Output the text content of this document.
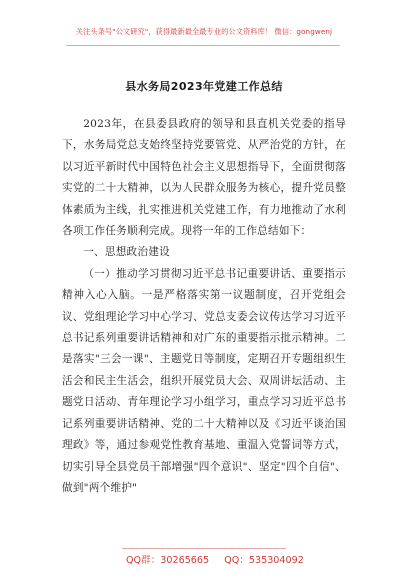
关注头条号"公文研究"，获得最新最全最专业的公文资料库！ 微信：gongwenj
县水务局2023年党建工作总结

2023年，在县委县政府的领导和县直机关党委的指导下，水务局党总支始终坚持党要管党、从严治党的方针，在以习近平新时代中国特色社会主义思想指导下，全面贯彻落实党的二十大精神，以为人民群众服务为核心，提升党员整体素质为主线，扎实推进机关党建工作，有力地推动了水利各项工作任务顺利完成。现将一年的工作总结如下：

一、思想政治建设

（一）推动学习贯彻习近平总书记重要讲话、重要指示精神入心入脑。一是严格落实第一议题制度，召开党组会议、党组理论学习中心学习、党总支委会议传达学习习近平总书记系列重要讲话精神和对广东的重要指示批示精神。二是落实"三会一课"、主题党日等制度，定期召开专题组织生活会和民主生活会，组织开展党员大会、双周讲坛活动、主题党日活动、青年理论学习小组学习，重点学习习近平总书记系列重要讲话精神、党的二十大精神以及《习近平谈治国理政》等，通过参观党性教育基地、重温入党誓词等方式，切实引导全县党员干部增强"四个意识"、坚定"四个自信"、做到"两个维护"

QQ群：30265665 QQ：535304092
